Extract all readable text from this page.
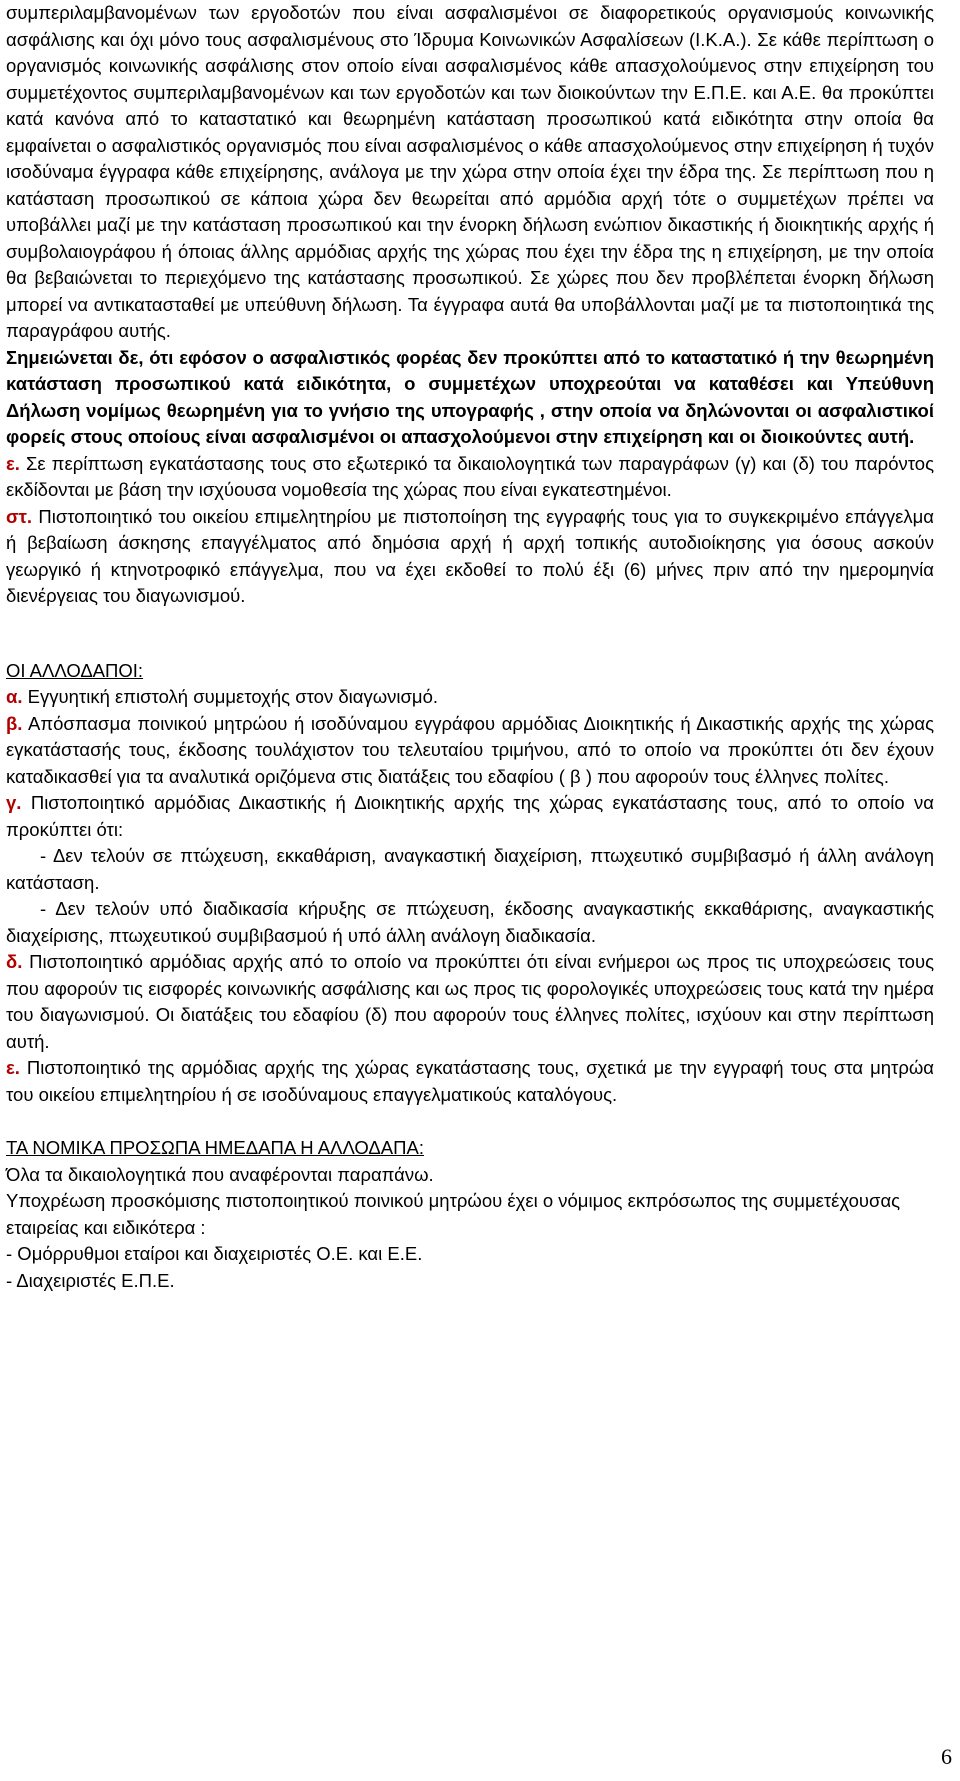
συμπεριλαμβανομένων των εργοδοτών που είναι ασφαλισμένοι σε διαφορετικούς οργανισμούς κοινωνικής ασφάλισης και όχι μόνο τους ασφαλισμένους στο Ίδρυμα Κοινωνικών Ασφαλίσεων (Ι.Κ.Α.). Σε κάθε περίπτωση ο οργανισμός κοινωνικής ασφάλισης στον οποίο είναι ασφαλισμένος κάθε απασχολούμενος στην επιχείρηση του συμμετέχοντος συμπεριλαμβανομένων και των εργοδοτών και των διοικούντων την Ε.Π.Ε. και Α.Ε. θα προκύπτει κατά κανόνα από το καταστατικό και θεωρημένη κατάσταση προσωπικού κατά ειδικότητα στην οποία θα εμφαίνεται ο ασφαλιστικός οργανισμός που είναι ασφαλισμένος ο κάθε απασχολούμενος στην επιχείρηση ή τυχόν ισοδύναμα έγγραφα κάθε επιχείρησης, ανάλογα με την χώρα στην οποία έχει την έδρα της. Σε περίπτωση που η κατάσταση προσωπικού σε κάποια χώρα δεν θεωρείται από αρμόδια αρχή τότε ο συμμετέχων πρέπει να υποβάλλει μαζί με την κατάσταση προσωπικού και την ένορκη δήλωση ενώπιον δικαστικής ή διοικητικής αρχής ή συμβολαιογράφου ή όποιας άλλης αρμόδιας αρχής της χώρας που έχει την έδρα της η επιχείρηση, με την οποία θα βεβαιώνεται το περιεχόμενο της κατάστασης προσωπικού. Σε χώρες που δεν προβλέπεται ένορκη δήλωση μπορεί να αντικατασταθεί με υπεύθυνη δήλωση. Τα έγγραφα αυτά θα υποβάλλονται μαζί με τα πιστοποιητικά της παραγράφου αυτής.

Σημειώνεται δε, ότι εφόσον ο ασφαλιστικός φορέας δεν προκύπτει από το καταστατικό ή την θεωρημένη κατάσταση προσωπικού κατά ειδικότητα, ο συμμετέχων υποχρεούται να καταθέσει και Υπεύθυνη Δήλωση νομίμως θεωρημένη για το γνήσιο της υπογραφής , στην οποία να δηλώνονται οι ασφαλιστικοί φορείς στους οποίους είναι ασφαλισμένοι οι απασχολούμενοι στην επιχείρηση και οι διοικούντες αυτή.

ε. Σε περίπτωση εγκατάστασης τους στο εξωτερικό τα δικαιολογητικά των παραγράφων (γ) και (δ) του παρόντος εκδίδονται με βάση την ισχύουσα νομοθεσία της χώρας που είναι εγκατεστημένοι.

στ. Πιστοποιητικό του οικείου επιμελητηρίου με πιστοποίηση της εγγραφής τους για το συγκεκριμένο επάγγελμα ή βεβαίωση άσκησης επαγγέλματος από δημόσια αρχή ή αρχή τοπικής αυτοδιοίκησης για όσους ασκούν γεωργικό ή κτηνοτροφικό επάγγελμα, που να έχει εκδοθεί το πολύ έξι (6) μήνες πριν από την ημερομηνία διενέργειας του διαγωνισμού.

ΟΙ ΑΛΛΟΔΑΠΟΙ:

α. Εγγυητική επιστολή συμμετοχής στον διαγωνισμό.

β. Απόσπασμα ποινικού μητρώου ή ισοδύναμου εγγράφου αρμόδιας Διοικητικής ή Δικαστικής αρχής της χώρας εγκατάστασής τους, έκδοσης τουλάχιστον του τελευταίου τριμήνου, από το οποίο να προκύπτει ότι δεν έχουν καταδικασθεί για τα αναλυτικά οριζόμενα στις διατάξεις του εδαφίου ( β ) που αφορούν τους έλληνες πολίτες.

γ. Πιστοποιητικό αρμόδιας Δικαστικής ή Διοικητικής αρχής της χώρας εγκατάστασης τους, από το οποίο να προκύπτει ότι:

- Δεν τελούν σε πτώχευση, εκκαθάριση, αναγκαστική διαχείριση, πτωχευτικό συμβιβασμό ή άλλη ανάλογη κατάσταση.

- Δεν τελούν υπό διαδικασία κήρυξης σε πτώχευση, έκδοσης αναγκαστικής εκκαθάρισης, αναγκαστικής διαχείρισης, πτωχευτικού συμβιβασμού ή υπό άλλη ανάλογη διαδικασία.

δ. Πιστοποιητικό αρμόδιας αρχής από το οποίο να προκύπτει ότι είναι ενήμεροι ως προς τις υποχρεώσεις τους που αφορούν τις εισφορές κοινωνικής ασφάλισης και ως προς τις φορολογικές υποχρεώσεις τους κατά την ημέρα του διαγωνισμού. Οι διατάξεις του εδαφίου (δ) που αφορούν τους έλληνες πολίτες, ισχύουν και στην περίπτωση αυτή.

ε. Πιστοποιητικό της αρμόδιας αρχής της χώρας εγκατάστασης τους, σχετικά με την εγγραφή τους στα μητρώα του οικείου επιμελητηρίου ή σε ισοδύναμους επαγγελματικούς καταλόγους.

ΤΑ ΝΟΜΙΚΑ ΠΡΟΣΩΠΑ ΗΜΕΔΑΠΑ Η ΑΛΛΟΔΑΠΑ:

Όλα τα δικαιολογητικά που αναφέρονται παραπάνω.

Υποχρέωση προσκόμισης πιστοποιητικού ποινικού μητρώου έχει ο νόμιμος εκπρόσωπος της συμμετέχουσας εταιρείας και ειδικότερα :

- Ομόρρυθμοι εταίροι και διαχειριστές Ο.Ε. και Ε.Ε.

- Διαχειριστές Ε.Π.Ε.

6
